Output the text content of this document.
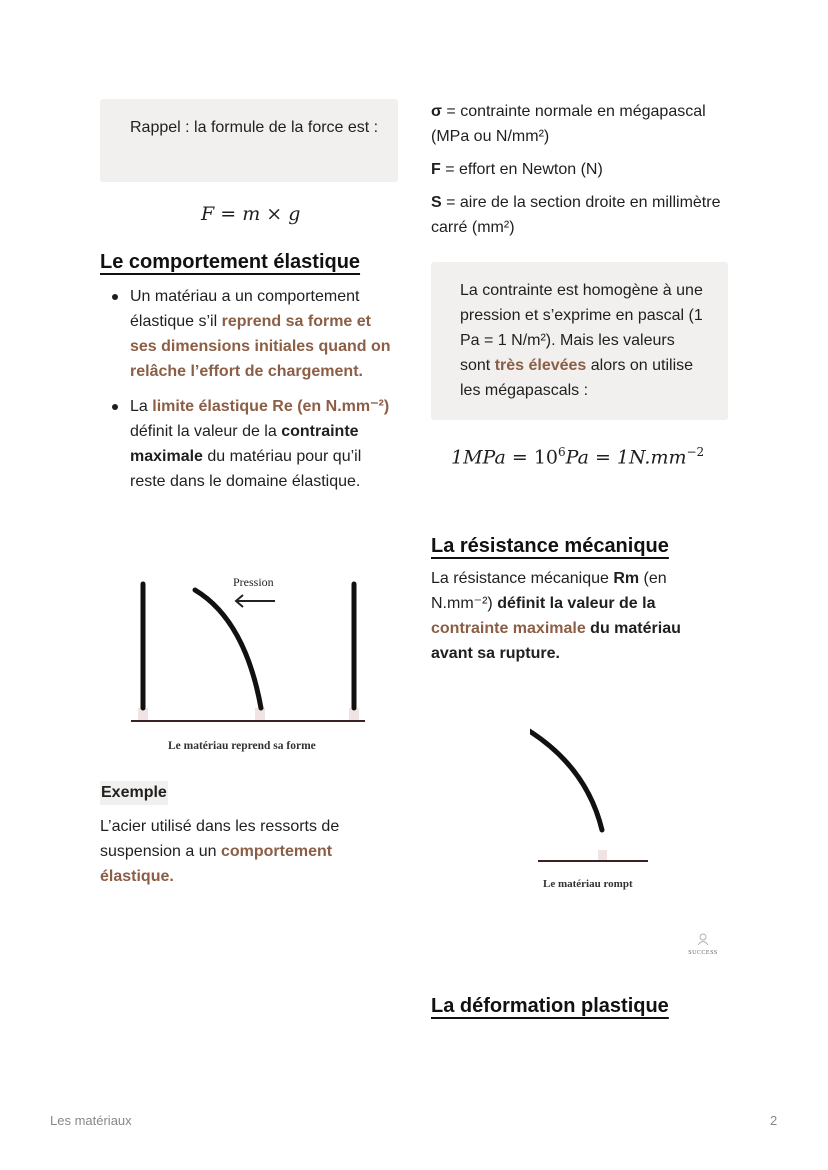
Rappel : la formule de la force est :
F = m × g
Le comportement élastique
Un matériau a un comportement élastique s’il reprend sa forme et ses dimensions initiales quand on relâche l’effort de chargement.
La limite élastique Re (en N.mm⁻²) définit la valeur de la contrainte maximale du matériau pour qu’il reste dans le domaine élastique.
Pression
Le matériau reprend sa forme
Exemple
L’acier utilisé dans les ressorts de suspension a un comportement élastique.
σ = contrainte normale en mégapascal (MPa ou N/mm²)
F = effort en Newton (N)
S = aire de la section droite en millimètre carré (mm²)
La contrainte est homogène à une pression et s’exprime en pascal (1 Pa = 1 N/m²). Mais les valeurs sont très élevées alors on utilise les mégapascals :
$1MPa = 10^6Pa = 1N.mm^{-2}$
La résistance mécanique
La résistance mécanique Rm (en N.mm⁻²) définit la valeur de la
contrainte maximale du matériau avant sa rupture.
Le matériau rompt
SUCCESS
La déformation plastique
Les matériaux	2
